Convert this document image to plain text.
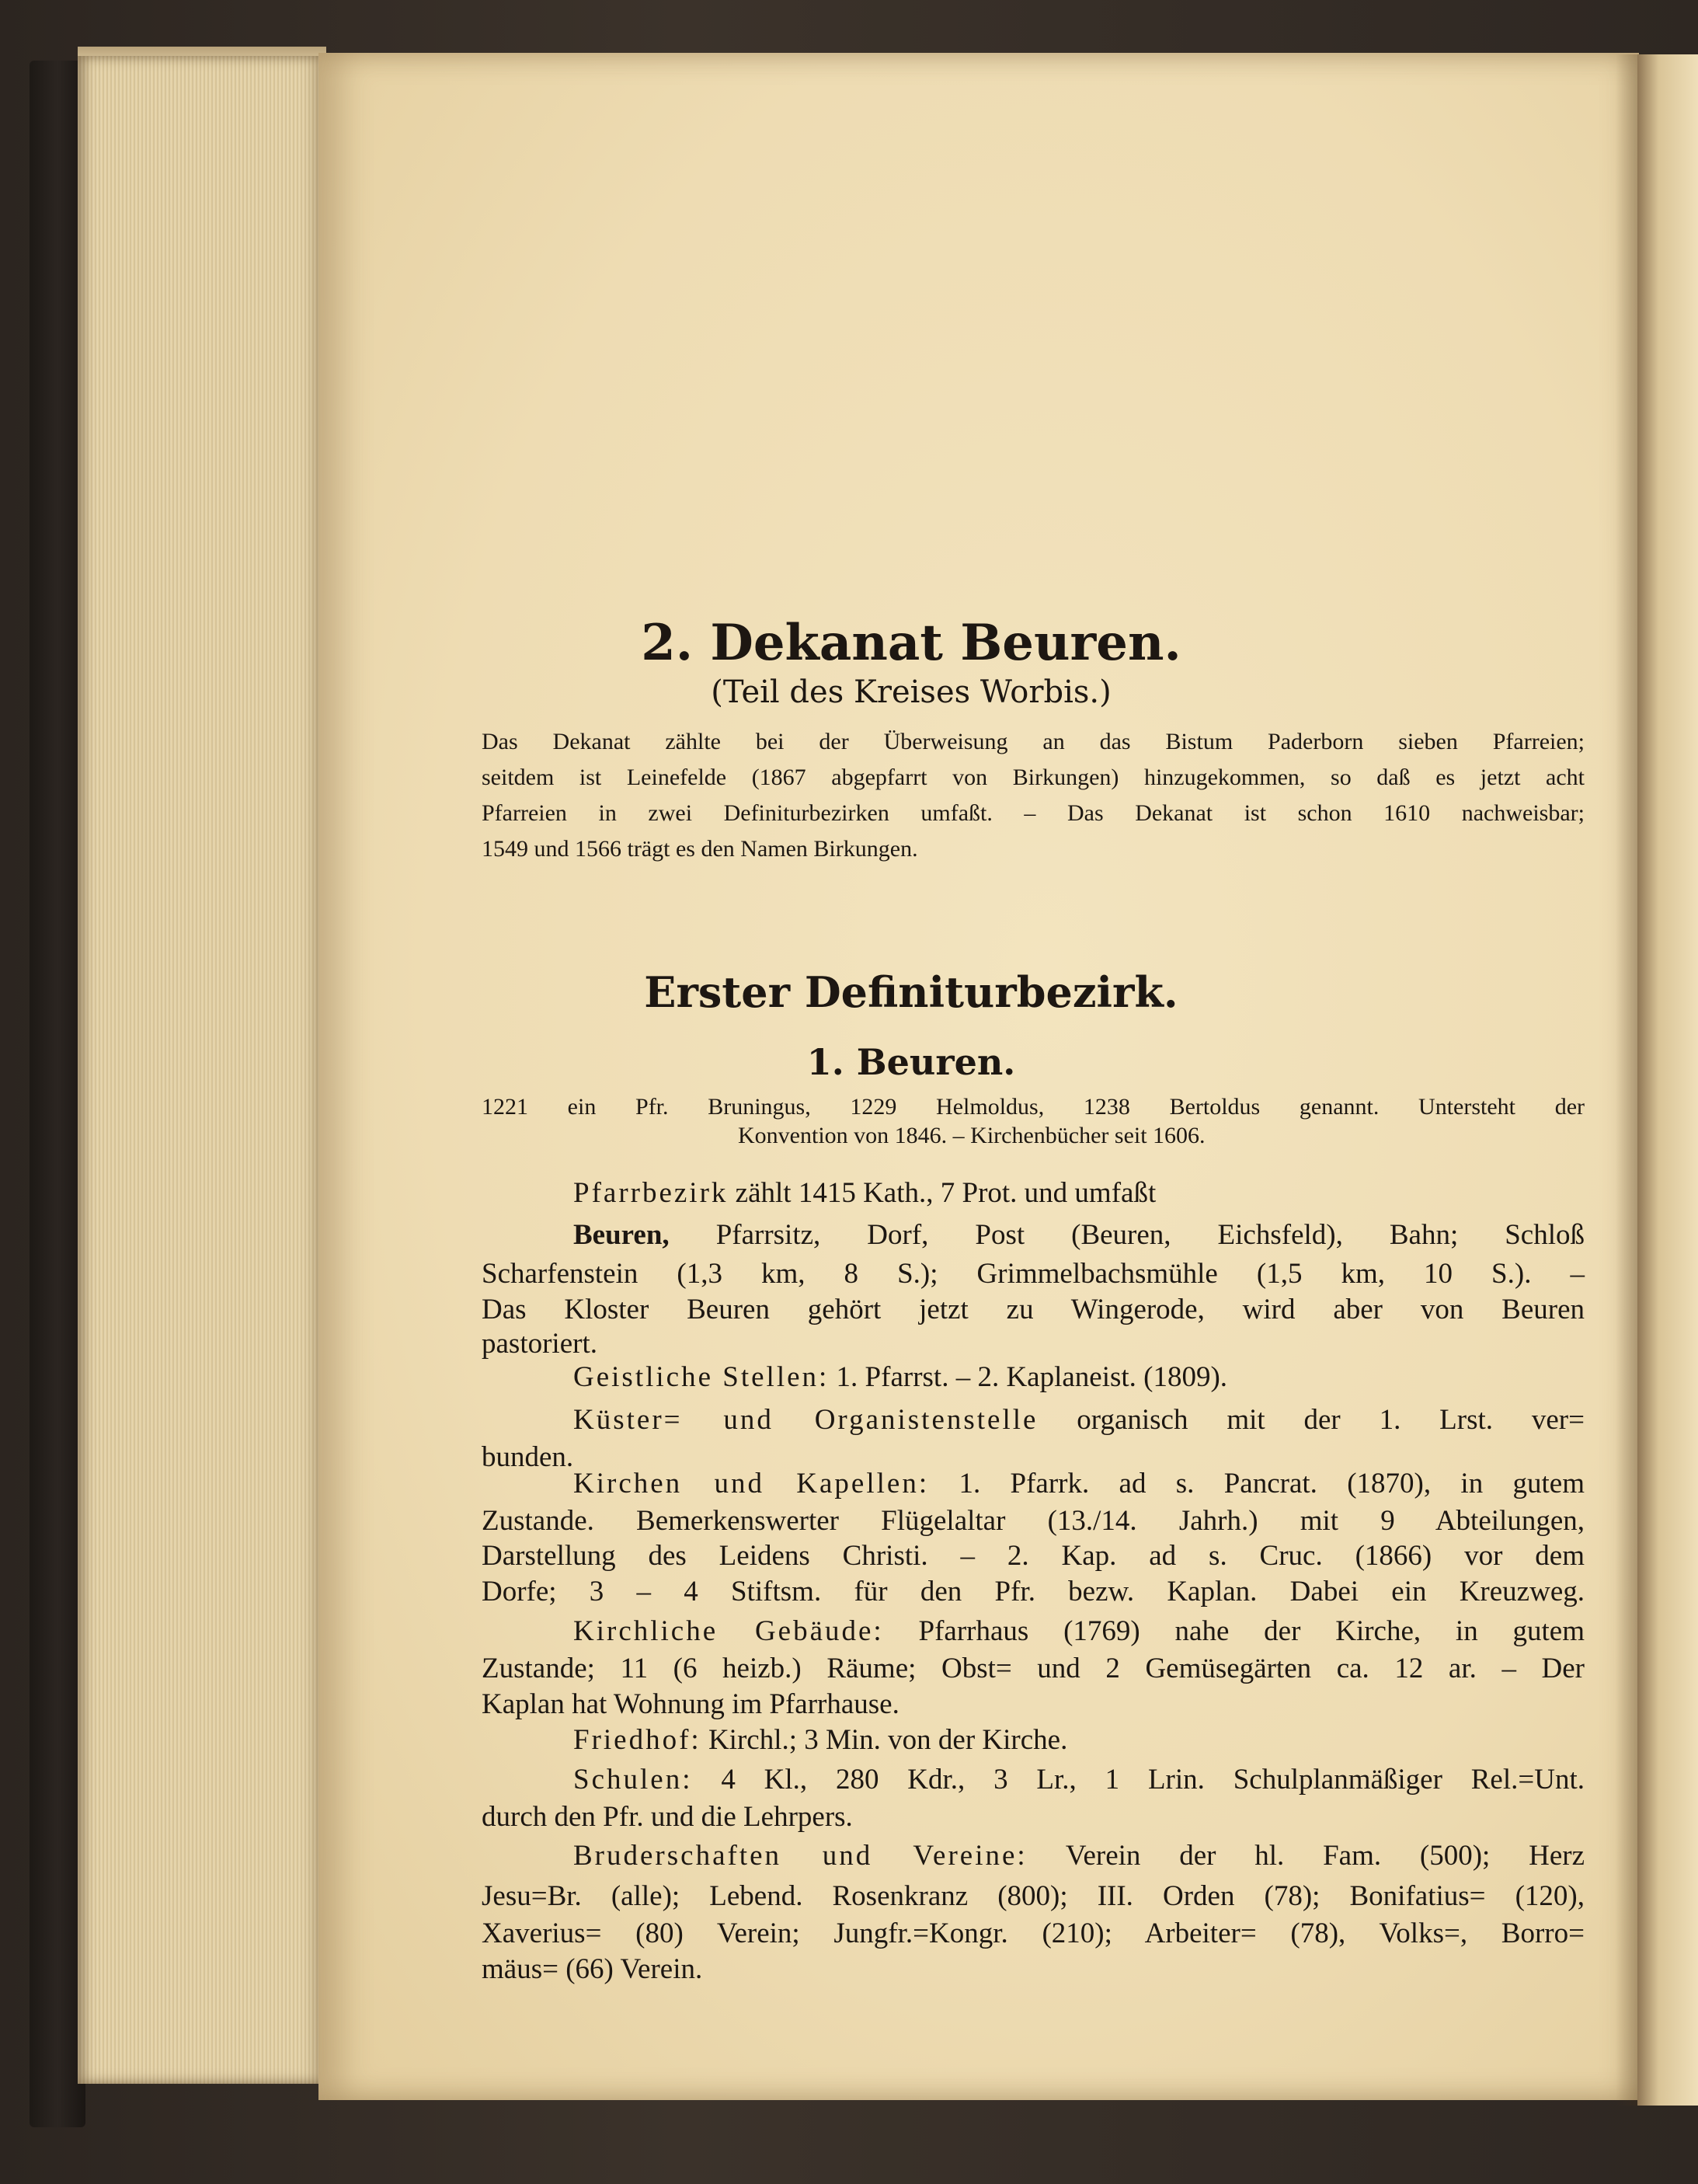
2. Dekanat Beuren.
(Teil des Kreises Worbis.)
Das Dekanat zählte bei der Überweisung an das Bistum Paderborn sieben Pfarreien;
seitdem ist Leinefelde (1867 abgepfarrt von Birkungen) hinzugekommen, so daß es jetzt acht
Pfarreien in zwei Definiturbezirken umfaßt. – Das Dekanat ist schon 1610 nachweisbar;
1549 und 1566 trägt es den Namen Birkungen.
Erster Definiturbezirk.
1. Beuren.
1221 ein Pfr. Bruningus, 1229 Helmoldus, 1238 Bertoldus genannt. Untersteht der
Konvention von 1846. – Kirchenbücher seit 1606.
Pfarrbezirk zählt 1415 Kath., 7 Prot. und umfaßt
Beuren, Pfarrsitz, Dorf, Post (Beuren, Eichsfeld), Bahn; Schloß
Scharfenstein (1,3 km, 8 S.); Grimmelbachsmühle (1,5 km, 10 S.). –
Das Kloster Beuren gehört jetzt zu Wingerode, wird aber von Beuren
pastoriert.
Geistliche Stellen: 1. Pfarrst. – 2. Kaplaneist. (1809).
Küster= und Organistenstelle organisch mit der 1. Lrst. ver=
bunden.
Kirchen und Kapellen: 1. Pfarrk. ad s. Pancrat. (1870), in gutem
Zustande. Bemerkenswerter Flügelaltar (13./14. Jahrh.) mit 9 Abteilungen,
Darstellung des Leidens Christi. – 2. Kap. ad s. Cruc. (1866) vor dem
Dorfe; 3 – 4 Stiftsm. für den Pfr. bezw. Kaplan. Dabei ein Kreuzweg.
Kirchliche Gebäude: Pfarrhaus (1769) nahe der Kirche, in gutem
Zustande; 11 (6 heizb.) Räume; Obst= und 2 Gemüsegärten ca. 12 ar. – Der
Kaplan hat Wohnung im Pfarrhause.
Friedhof: Kirchl.; 3 Min. von der Kirche.
Schulen: 4 Kl., 280 Kdr., 3 Lr., 1 Lrin. Schulplanmäßiger Rel.=Unt.
durch den Pfr. und die Lehrpers.
Bruderschaften und Vereine: Verein der hl. Fam. (500); Herz
Jesu=Br. (alle); Lebend. Rosenkranz (800); III. Orden (78); Bonifatius= (120),
Xaverius= (80) Verein; Jungfr.=Kongr. (210); Arbeiter= (78), Volks=, Borro=
mäus= (66) Verein.
